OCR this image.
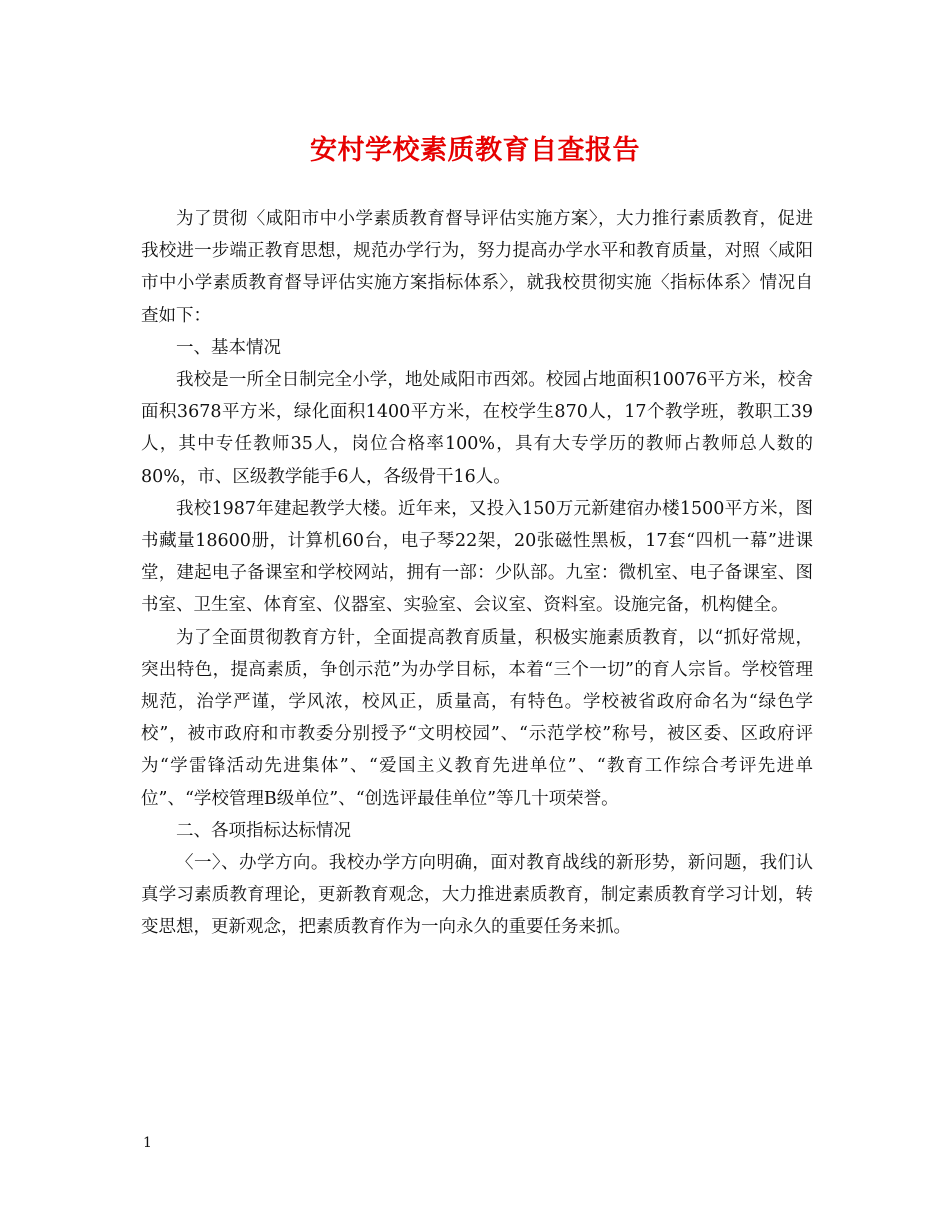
安村学校素质教育自查报告

为了贯彻〈咸阳市中小学素质教育督导评估实施方案〉，大力推行素质教育，促进我校进一步端正教育思想，规范办学行为，努力提高办学水平和教育质量，对照〈咸阳市中小学素质教育督导评估实施方案指标体系〉，就我校贯彻实施〈指标体系〉情况自查如下：

一、基本情况

我校是一所全日制完全小学，地处咸阳市西郊。校园占地面积10076平方米，校舍面积3678平方米，绿化面积1400平方米，在校学生870人，17个教学班，教职工39人，其中专任教师35人，岗位合格率100%，具有大专学历的教师占教师总人数的80%，市、区级教学能手6人，各级骨干16人。

我校1987年建起教学大楼。近年来，又投入150万元新建宿办楼1500平方米，图书藏量18600册，计算机60台，电子琴22架，20张磁性黑板，17套“四机一幕”进课堂，建起电子备课室和学校网站，拥有一部：少队部。九室：微机室、电子备课室、图书室、卫生室、体育室、仪器室、实验室、会议室、资料室。设施完备，机构健全。

为了全面贯彻教育方针，全面提高教育质量，积极实施素质教育，以“抓好常规，突出特色，提高素质，争创示范”为办学目标，本着“三个一切”的育人宗旨。学校管理规范，治学严谨，学风浓，校风正，质量高，有特色。学校被省政府命名为“绿色学校”，被市政府和市教委分别授予“文明校园”、“示范学校”称号，被区委、区政府评为“学雷锋活动先进集体”、“爱国主义教育先进单位”、“教育工作综合考评先进单位”、“学校管理B级单位”、“创选评最佳单位”等几十项荣誉。

二、各项指标达标情况

〈一〉、办学方向。我校办学方向明确，面对教育战线的新形势，新问题，我们认真学习素质教育理论，更新教育观念，大力推进素质教育，制定素质教育学习计划，转变思想，更新观念，把素质教育作为一向永久的重要任务来抓。

1
